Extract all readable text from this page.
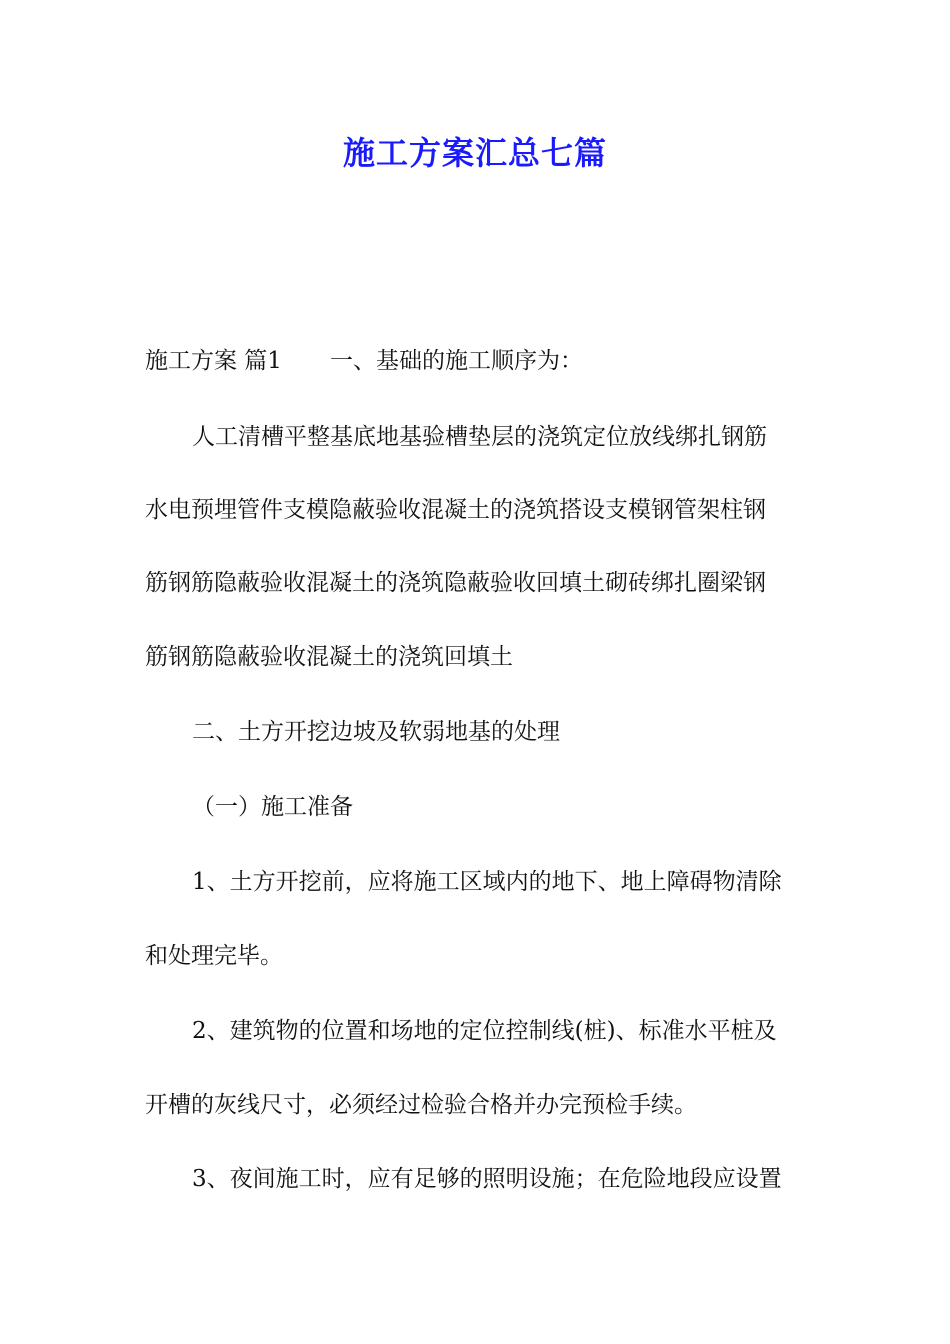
施工方案汇总七篇

施工方案 篇1 一、基础的施工顺序为：

人工清槽平整基底地基验槽垫层的浇筑定位放线绑扎钢筋

水电预埋管件支模隐蔽验收混凝土的浇筑搭设支模钢管架柱钢

筋钢筋隐蔽验收混凝土的浇筑隐蔽验收回填土砌砖绑扎圈梁钢

筋钢筋隐蔽验收混凝土的浇筑回填土

二、土方开挖边坡及软弱地基的处理

（一）施工准备

1、土方开挖前，应将施工区域内的地下、地上障碍物清除

和处理完毕。

2、建筑物的位置和场地的定位控制线(桩)、标准水平桩及

开槽的灰线尺寸，必须经过检验合格并办完预检手续。

3、夜间施工时，应有足够的照明设施；在危险地段应设置
